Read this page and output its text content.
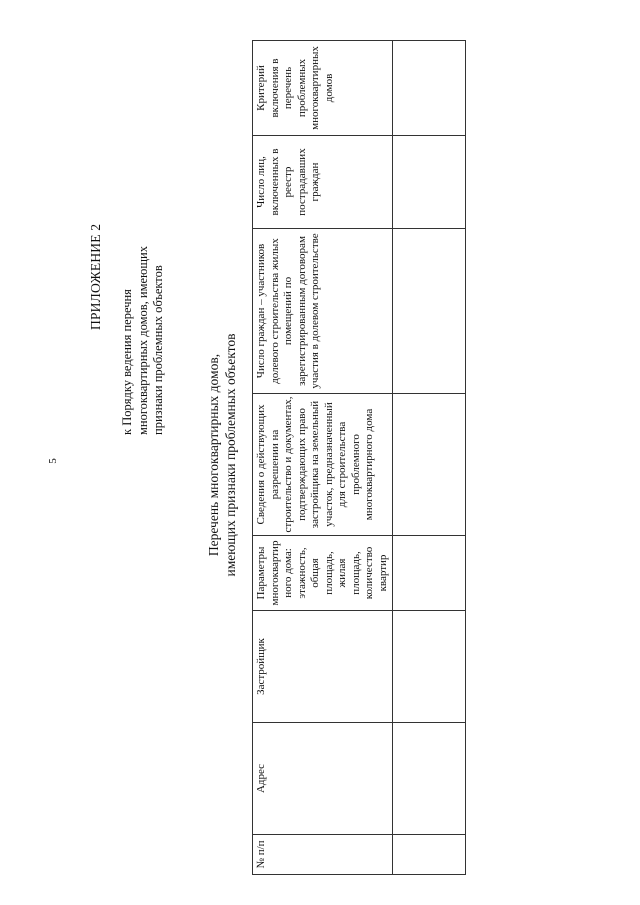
5
ПРИЛОЖЕНИЕ 2
к Порядку ведения перечня многоквартирных домов, имеющих признаки проблемных объектов
Перечень многоквартирных домов, имеющих признаки проблемных объектов
№ п/п	Адрес	Застройщик	Параметры многоквартир ного дома: этажность, общая площадь, жилая площадь, количество квартир	Сведения о действующих разрешении на строительство и документах, подтверждающих право застройщика на земельный участок, предназначенный для строительства проблемного многоквартирного дома	Число граждан – участников долевого строительства жилых помещений по зарегистрированным договорам участия в долевом строительстве	Число лиц, включенных в реестр пострадавших граждан	Критерий включения в перечень проблемных многоквартирных домов
